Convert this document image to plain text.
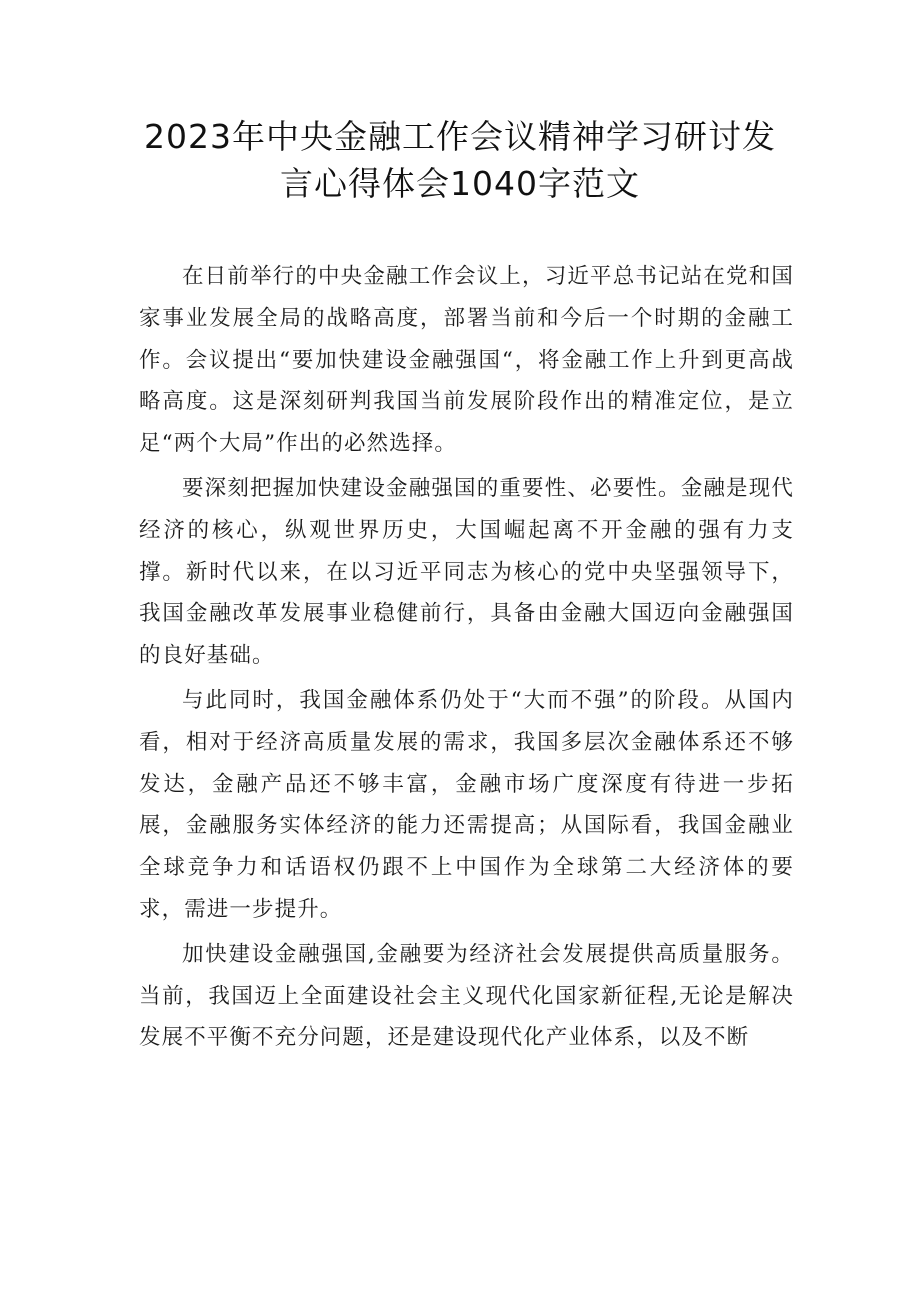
2023年中央金融工作会议精神学习研讨发
言心得体会1040字范文

在日前举行的中央金融工作会议上，习近平总书记站在党和国家事业发展全局的战略高度，部署当前和今后一个时期的金融工作。会议提出“要加快建设金融强国“，将金融工作上升到更高战略高度。这是深刻研判我国当前发展阶段作出的精准定位，是立足“两个大局”作出的必然选择。

要深刻把握加快建设金融强国的重要性、必要性。金融是现代经济的核心，纵观世界历史，大国崛起离不开金融的强有力支撑。新时代以来，在以习近平同志为核心的党中央坚强领导下，我国金融改革发展事业稳健前行，具备由金融大国迈向金融强国的良好基础。

与此同时，我国金融体系仍处于“大而不强”的阶段。从国内看，相对于经济高质量发展的需求，我国多层次金融体系还不够发达，金融产品还不够丰富，金融市场广度深度有待进一步拓展，金融服务实体经济的能力还需提高；从国际看，我国金融业全球竞争力和话语权仍跟不上中国作为全球第二大经济体的要求，需进一步提升。

加快建设金融强国,金融要为经济社会发展提供高质量服务。当前，我国迈上全面建设社会主义现代化国家新征程,无论是解决发展不平衡不充分问题，还是建设现代化产业体系，以及不断
